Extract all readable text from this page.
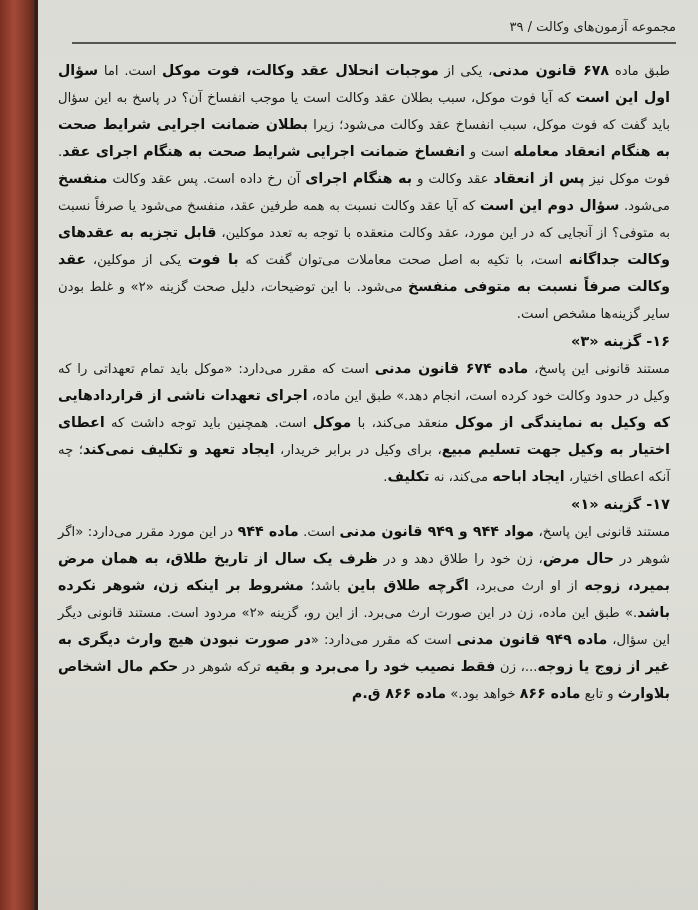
مجموعه آزمون‌های وکالت / ۳۹

طبق ماده ۶۷۸ قانون مدنی، یکی از موجبات انحلال عقد وکالت، فوت موکل است. اما سؤال اول این است که آیا فوت موکل، سبب بطلان عقد وکالت است یا موجب انفساخ آن؟ در پاسخ به این سؤال باید گفت که فوت موکل، سبب انفساخ عقد وکالت می‌شود؛ زیرا بطلان ضمانت اجرایی شرایط صحت به هنگام انعقاد معامله است و انفساخ ضمانت اجرایی شرایط صحت به هنگام اجرای عقد. فوت موکل نیز پس از انعقاد عقد وکالت و به هنگام اجرای آن رخ داده است. پس عقد وکالت منفسخ می‌شود. سؤال دوم این است که آیا عقد وکالت نسبت به همه طرفین عقد، منفسخ می‌شود یا صرفاً نسبت به متوفی؟ از آنجایی که در این مورد، عقد وکالت منعقده با توجه به تعدد موکلین، قابل تجزیه به عقدهای وکالت جداگانه است، با تکیه به اصل صحت معاملات می‌توان گفت که با فوت یکی از موکلین، عقد وکالت صرفاً نسبت به متوفی منفسخ می‌شود. با این توضیحات، دلیل صحت گزینه «۲» و غلط بودن سایر گزینه‌ها مشخص است.

۱۶- گزینه «۳»

مستند قانونی این پاسخ، ماده ۶۷۴ قانون مدنی است که مقرر می‌دارد: «موکل باید تمام تعهداتی را که وکیل در حدود وکالت خود کرده است، انجام دهد.» طبق این ماده، اجرای تعهدات ناشی از قراردادهایی که وکیل به نمایندگی از موکل منعقد می‌کند، با موکل است. همچنین باید توجه داشت که اعطای اختیار به وکیل جهت تسلیم مبیع، برای وکیل در برابر خریدار، ایجاد تعهد و تکلیف نمی‌کند؛ چه آنکه اعطای اختیار، ایجاد اباحه می‌کند، نه تکلیف.

۱۷- گزینه «۱»

مستند قانونی این پاسخ، مواد ۹۴۴ و ۹۴۹ قانون مدنی است. ماده ۹۴۴ در این مورد مقرر می‌دارد: «اگر شوهر در حال مرض، زن خود را طلاق دهد و در ظرف یک سال از تاریخ طلاق، به همان مرض بمیرد، زوجه از او ارث می‌برد، اگرچه طلاق باین باشد؛ مشروط بر اینکه زن، شوهر نکرده باشد.» طبق این ماده، زن در این صورت ارث می‌برد. از این رو، گزینه «۲» مردود است. مستند قانونی دیگر این سؤال، ماده ۹۴۹ قانون مدنی است که مقرر می‌دارد: «در صورت نبودن هیچ وارث دیگری به غیر از زوج یا زوجه...، زن فقط نصیب خود را می‌برد و بقیه ترکه شوهر در حکم مال اشخاص بلاوارث و تابع ماده ۸۶۶ خواهد بود.» ماده ۸۶۶ ق.م
